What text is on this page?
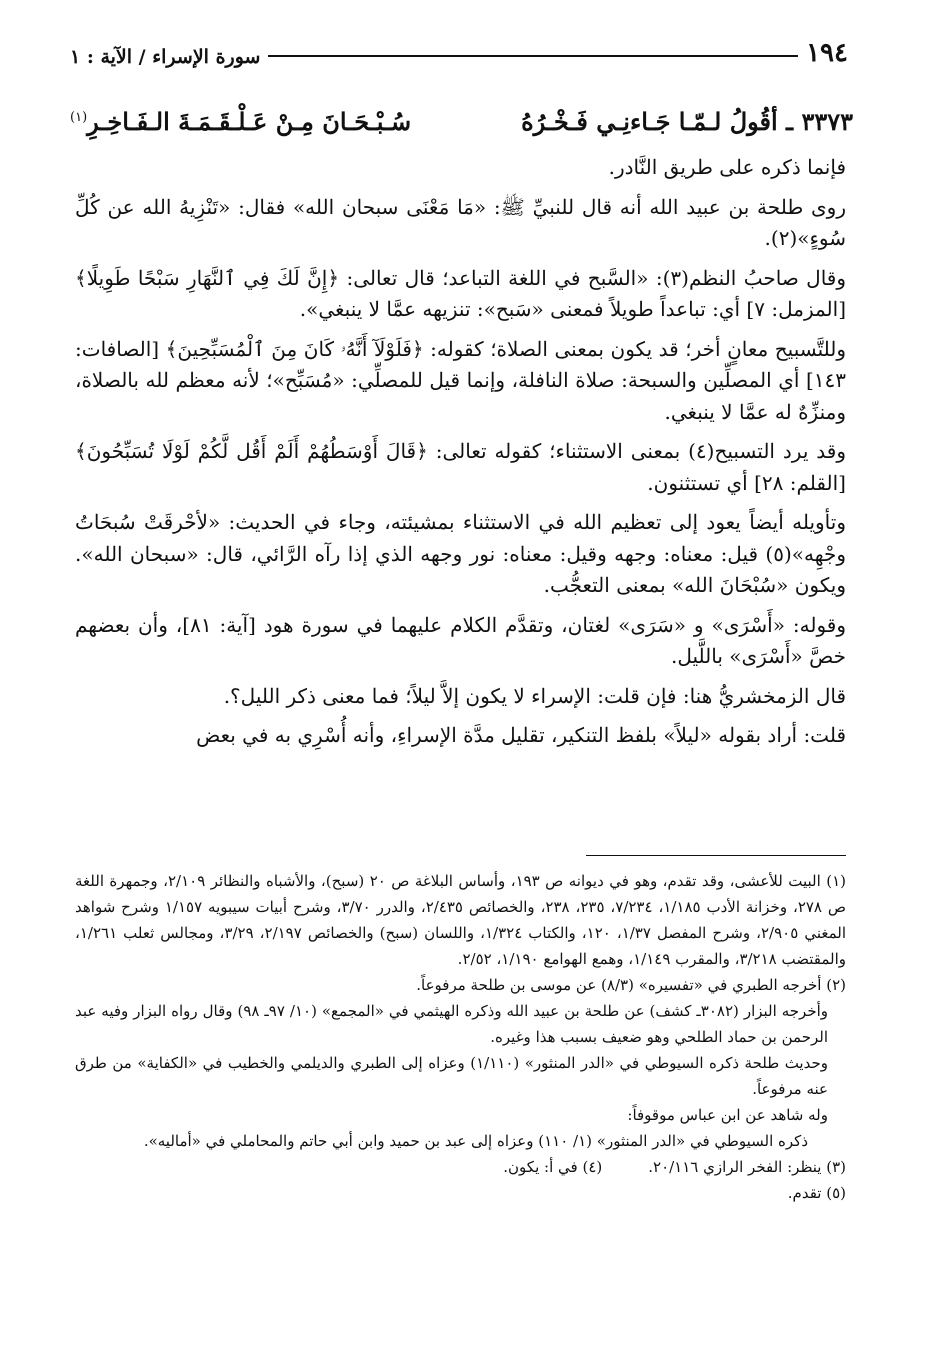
١٩٤
سورة الإسراء / الآية : ١
٣٣٧٣ ـ أقُولُ لـمّـا جَـاءنِـي فَـخْـرُهُ
سُـبْـحَـانَ مِـنْ عَـلْـقَـمَـةَ الـفَـاخِـرِ$^{(١)}$

فإنما ذكره على طريق النَّادر.

روى طلحة بن عبيد الله أنه قال للنبيِّ ﷺ: «مَا مَعْنَى سبحان الله» فقال: «تَنْزِيهُ الله عن كُلِّ سُوءٍ»(٢).

وقال صاحبُ النظم(٣): «السَّبح في اللغة التباعد؛ قال تعالى: ﴿إِنَّ لَكَ فِي ٱلنَّهَارِ سَبْحًا طَوِيلًا﴾ [المزمل: ٧] أي: تباعداً طويلاً فمعنى «سَبح»: تنزيهه عمَّا لا ينبغي».

وللتَّسبيح معانٍ أخر؛ قد يكون بمعنى الصلاة؛ كقوله: ﴿فَلَوْلَآ أَنَّهُۥ كَانَ مِنَ ٱلْمُسَبِّحِينَ﴾ [الصافات: ١٤٣] أي المصلِّين والسبحة: صلاة النافلة، وإنما قيل للمصلِّي: «مُسَبِّح»؛ لأنه معظم لله بالصلاة، ومنزِّهٌ له عمَّا لا ينبغي.

وقد يرد التسبيح(٤) بمعنى الاستثناء؛ كقوله تعالى: ﴿قَالَ أَوْسَطُهُمْ أَلَمْ أَقُل لَّكُمْ لَوْلَا تُسَبِّحُونَ﴾ [القلم: ٢٨] أي تستثنون.

وتأويله أيضاً يعود إلى تعظيم الله في الاستثناء بمشيئته، وجاء في الحديث: «لأحْرقَتْ سُبحَاتُ وجْهِه»(٥) قيل: معناه: وجهه وقيل: معناه: نور وجهه الذي إذا رآه الرَّائي، قال: «سبحان الله». ويكون «سُبْحَانَ الله» بمعنى التعجُّب.

وقوله: «أَسْرَى» و «سَرَى» لغتان، وتقدَّم الكلام عليهما في سورة هود [آية: ٨١]، وأن بعضهم خصَّ «أَسْرَى» باللَّيل.

قال الزمخشريُّ هنا: فإن قلت: الإسراء لا يكون إلاَّ ليلاً؛ فما معنى ذكر الليل؟.

قلت: أراد بقوله «ليلاً» بلفظ التنكير، تقليل مدَّة الإسراءِ، وأنه أُسْرِي به في بعض

(١) البيت للأعشى، وقد تقدم، وهو في ديوانه ص ١٩٣، وأساس البلاغة ص ٢٠ (سبح)، والأشباه والنظائر ٢/١٠٩، وجمهرة اللغة ص ٢٧٨، وخزانة الأدب ١/١٨٥، ٧/٢٣٤، ٢٣٥، ٢٣٨، والخصائص ٢/٤٣٥، والدرر ٣/٧٠، وشرح أبيات سيبويه ١/١٥٧ وشرح شواهد المغني ٢/٩٠٥، وشرح المفصل ١/٣٧، ١٢٠، والكتاب ١/٣٢٤، واللسان (سبح) والخصائص ٢/١٩٧، ٣/٢٩، ومجالس ثعلب ١/٢٦١، والمقتضب ٣/٢١٨، والمقرب ١/١٤٩، وهمع الهوامع ١/١٩٠، ٢/٥٢.

(٢) أخرجه الطبري في «تفسيره» (٨/٣) عن موسى بن طلحة مرفوعاً.

وأخرجه البزار (٣٠٨٢ـ كشف) عن طلحة بن عبيد الله وذكره الهيثمي في «المجمع» (١٠/ ٩٧ـ ٩٨) وقال رواه البزار وفيه عبد الرحمن بن حماد الطلحي وهو ضعيف بسبب هذا وغيره.

وحديث طلحة ذكره السيوطي في «الدر المنثور» (١/١١٠) وعزاه إلى الطبري والديلمي والخطيب في «الكفاية» من طرق عنه مرفوعاً.

وله شاهد عن ابن عباس موقوفاً:

ذكره السيوطي في «الدر المنثور» (١/ ١١٠) وعزاه إلى عبد بن حميد وابن أبي حاتم والمحاملي في «أماليه».

(٣) ينظر: الفخر الرازي ٢٠/١١٦.
(٤) في أ: يكون.

(٥) تقدم.
